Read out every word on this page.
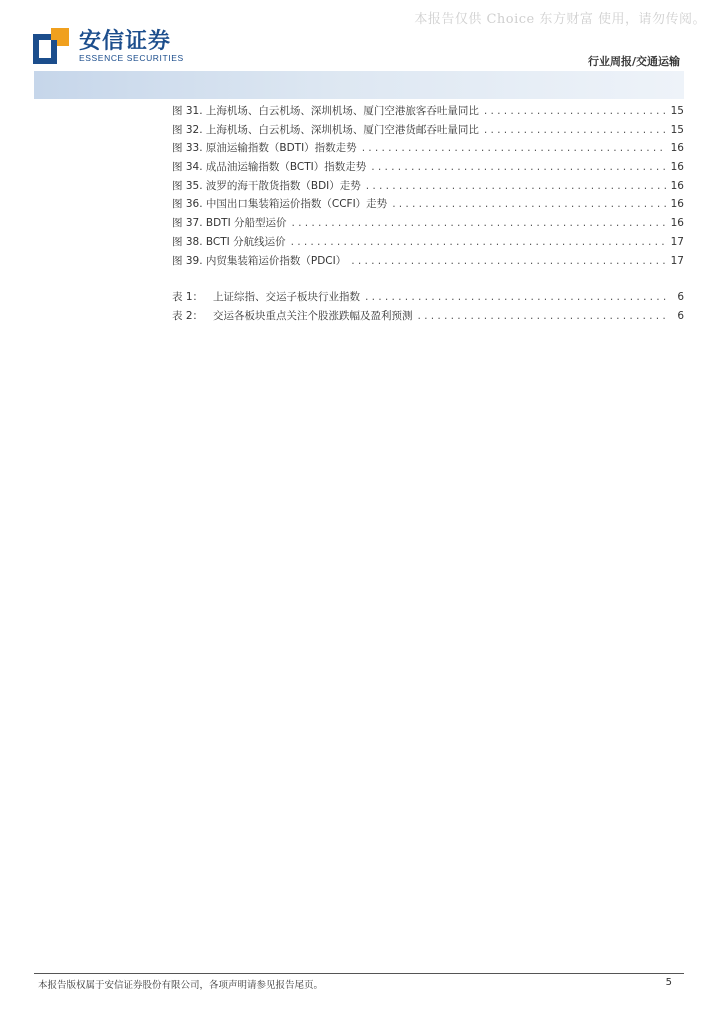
本报告仅供 Choice 东方财富 使用，请勿传阅。
安信证券
ESSENCE SECURITIES	行业周报/交通运输
图 31. 上海机场、白云机场、深圳机场、厦门空港旅客吞吐量同比 .....	15
图 32. 上海机场、白云机场、深圳机场、厦门空港货邮吞吐量同比 .....	15
图 33. 原油运输指数（BDTI）指数走势 .....	16
图 34. 成品油运输指数（BCTI）指数走势 .....	16
图 35. 波罗的海干散货指数（BDI）走势 .....	16
图 36. 中国出口集装箱运价指数（CCFI）走势 .....	16
图 37. BDTI 分船型运价 .....	16
图 38. BCTI 分航线运价 .....	17
图 39. 内贸集装箱运价指数（PDCI） .....	17
表 1：   上证综指、交运子板块行业指数 .....	6
表 2：   交运各板块重点关注个股涨跌幅及盈利预测 .....	6
本报告版权属于安信证券股份有限公司，各项声明请参见报告尾页。	5
